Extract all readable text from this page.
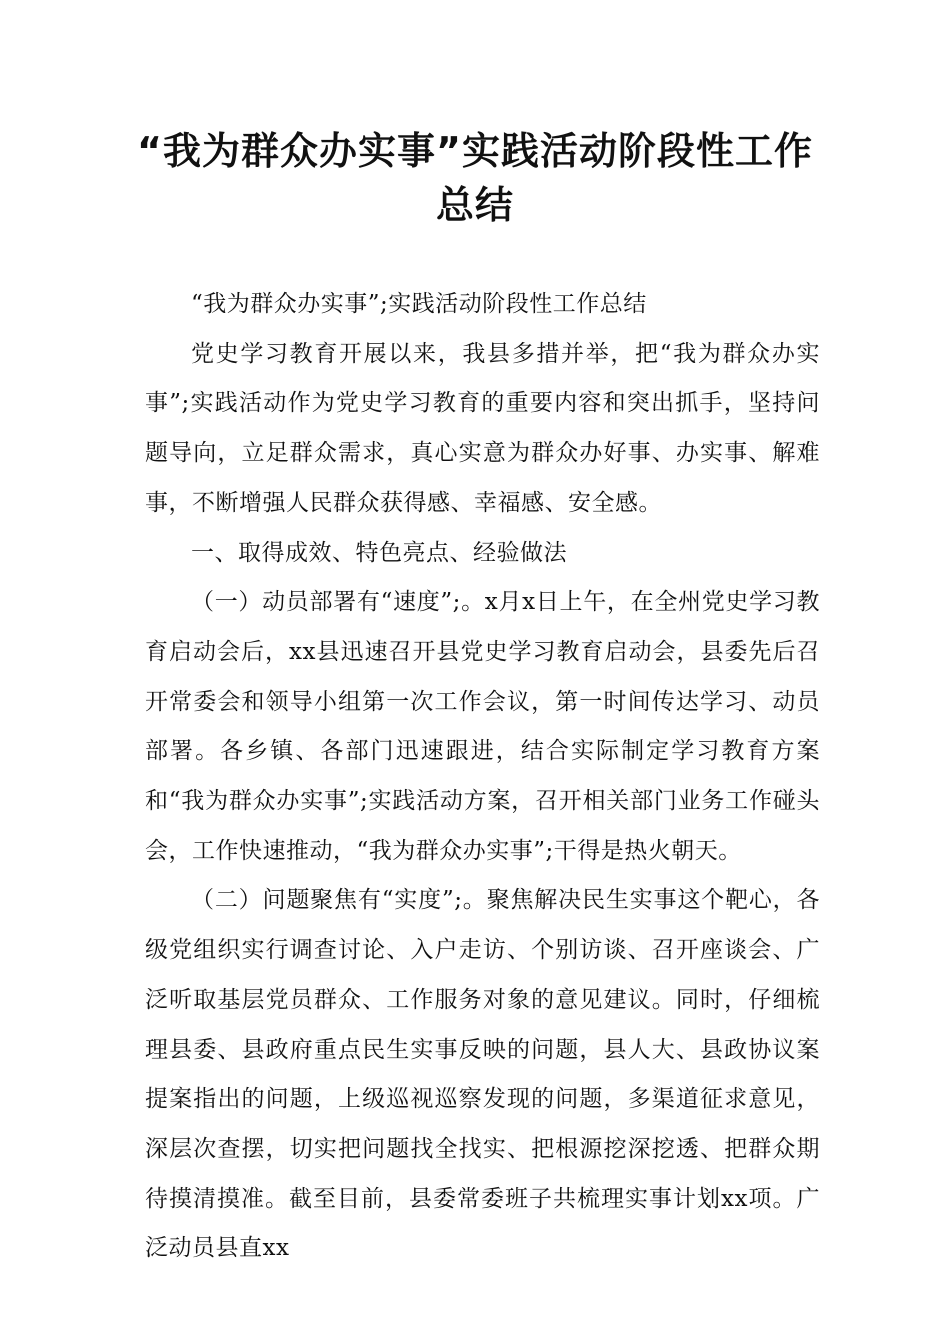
“我为群众办实事”实践活动阶段性工作总结

“我为群众办实事”;实践活动阶段性工作总结

党史学习教育开展以来，我县多措并举，把“我为群众办实事”;实践活动作为党史学习教育的重要内容和突出抓手，坚持问题导向，立足群众需求，真心实意为群众办好事、办实事、解难事，不断增强人民群众获得感、幸福感、安全感。

一、取得成效、特色亮点、经验做法

（一）动员部署有“速度”;。x月x日上午，在全州党史学习教育启动会后，xx县迅速召开县党史学习教育启动会，县委先后召开常委会和领导小组第一次工作会议，第一时间传达学习、动员部署。各乡镇、各部门迅速跟进，结合实际制定学习教育方案和“我为群众办实事”;实践活动方案，召开相关部门业务工作碰头会，工作快速推动，“我为群众办实事”;干得是热火朝天。

（二）问题聚焦有“实度”;。聚焦解决民生实事这个靶心，各级党组织实行调查讨论、入户走访、个别访谈、召开座谈会、广泛听取基层党员群众、工作服务对象的意见建议。同时，仔细梳理县委、县政府重点民生实事反映的问题，县人大、县政协议案提案指出的问题，上级巡视巡察发现的问题，多渠道征求意见，深层次查摆，切实把问题找全找实、把根源挖深挖透、把群众期待摸清摸准。截至目前，县委常委班子共梳理实事计划xx项。广泛动员县直xx
